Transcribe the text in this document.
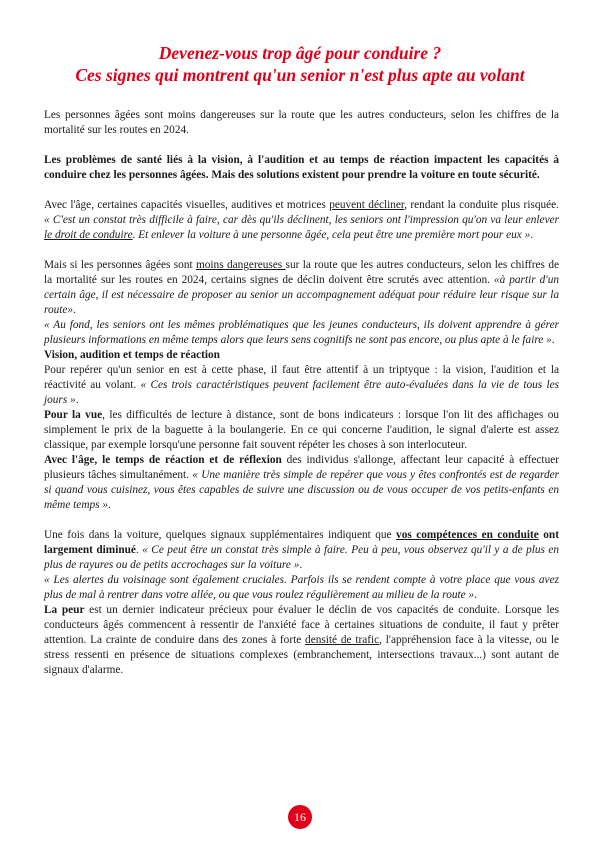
Devenez-vous trop âgé pour conduire ?
Ces signes qui montrent qu'un senior n'est plus apte au volant

Les personnes âgées sont moins dangereuses sur la route que les autres conducteurs, selon les chiffres de la mortalité sur les routes en 2024.

Les problèmes de santé liés à la vision, à l'audition et au temps de réaction impactent les capacités à conduire chez les personnes âgées. Mais des solutions existent pour prendre la voiture en toute sécurité.

Avec l'âge, certaines capacités visuelles, auditives et motrices peuvent décliner, rendant la conduite plus risquée. « C'est un constat très difficile à faire, car dès qu'ils déclinent, les seniors ont l'impression qu'on va leur enlever le droit de conduire. Et enlever la voiture à une personne âgée, cela peut être une première mort pour eux ».

Mais si les personnes âgées sont moins dangereuses sur la route que les autres conducteurs, selon les chiffres de la mortalité sur les routes en 2024, certains signes de déclin doivent être scrutés avec attention. «à partir d'un certain âge, il est nécessaire de proposer au senior un accompagnement adéquat pour réduire leur risque sur la route».

« Au fond, les seniors ont les mêmes problématiques que les jeunes conducteurs, ils doivent apprendre à gérer plusieurs informations en même temps alors que leurs sens cognitifs ne sont pas encore, ou plus apte à le faire ».

Vision, audition et temps de réaction

Pour repérer qu'un senior en est à cette phase, il faut être attentif à un triptyque : la vision, l'audition et la réactivité au volant. « Ces trois caractéristiques peuvent facilement être auto-évaluées dans la vie de tous les jours ».

Pour la vue, les difficultés de lecture à distance, sont de bons indicateurs : lorsque l'on lit des affichages ou simplement le prix de la baguette à la boulangerie. En ce qui concerne l'audition, le signal d'alerte est assez classique, par exemple lorsqu'une personne fait souvent répéter les choses à son interlocuteur.

Avec l'âge, le temps de réaction et de réflexion des individus s'allonge, affectant leur capacité à effectuer plusieurs tâches simultanément. « Une manière très simple de repérer que vous y êtes confrontés est de regarder si quand vous cuisinez, vous êtes capables de suivre une discussion ou de vous occuper de vos petits-enfants en même temps ».

Une fois dans la voiture, quelques signaux supplémentaires indiquent que vos compétences en conduite ont largement diminué. « Ce peut être un constat très simple à faire. Peu à peu, vous observez qu'il y a de plus en plus de rayures ou de petits accrochages sur la voiture ».

« Les alertes du voisinage sont également cruciales. Parfois ils se rendent compte à votre place que vous avez plus de mal à rentrer dans votre allée, ou que vous roulez régulièrement au milieu de la route ».

La peur est un dernier indicateur précieux pour évaluer le déclin de vos capacités de conduite. Lorsque les conducteurs âgés commencent à ressentir de l'anxiété face à certaines situations de conduite, il faut y prêter attention. La crainte de conduire dans des zones à forte densité de trafic, l'appréhension face à la vitesse, ou le stress ressenti en présence de situations complexes (embranchement, intersections travaux...) sont autant de signaux d'alarme.

16
